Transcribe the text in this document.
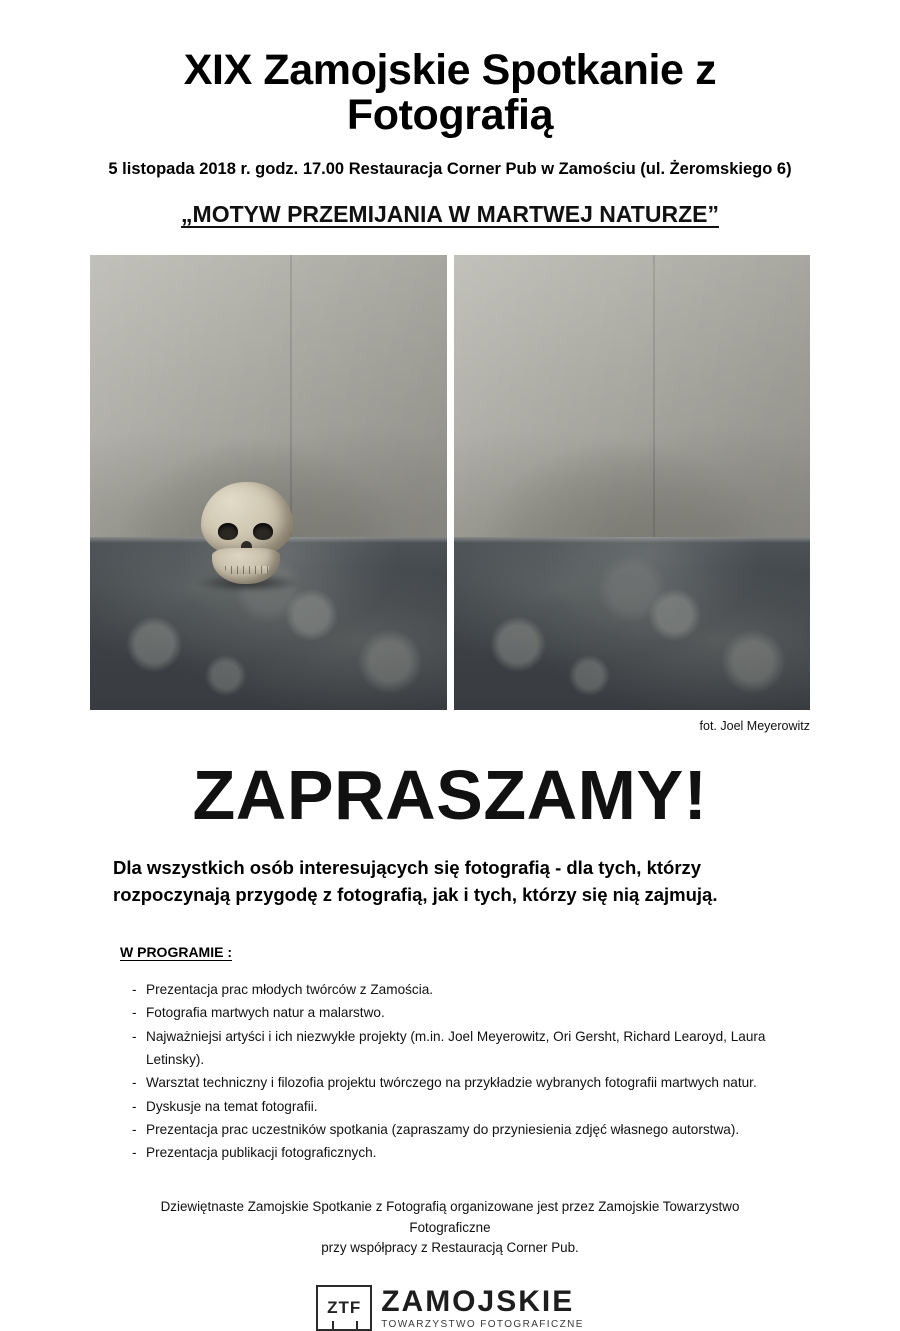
XIX Zamojskie Spotkanie z Fotografią

5 listopada 2018 r. godz. 17.00 Restauracja Corner Pub w Zamościu (ul. Żeromskiego 6)

„MOTYW PRZEMIJANIA W MARTWEJ NATURZE”

fot. Joel Meyerowitz

ZAPRASZAMY!

Dla wszystkich osób interesujących się fotografią - dla tych, którzy rozpoczynają przygodę z fotografią, jak i tych, którzy się nią zajmują.

W PROGRAMIE :

- Prezentacja prac młodych twórców z Zamościa.
- Fotografia martwych natur a malarstwo.
- Najważniejsi artyści i ich niezwykłe projekty (m.in. Joel Meyerowitz, Ori Gersht, Richard Learoyd, Laura Letinsky).
- Warsztat techniczny i filozofia projektu twórczego na przykładzie wybranych fotografii martwych natur.
- Dyskusje na temat fotografii.
- Prezentacja prac uczestników spotkania (zapraszamy do przyniesienia zdjęć własnego autorstwa).
- Prezentacja publikacji fotograficznych.

Dziewiętnaste Zamojskie Spotkanie z Fotografią organizowane jest przez Zamojskie Towarzystwo Fotograficzne
przy współpracy z Restauracją Corner Pub.

ZTF ZAMOJSKIE
TOWARZYSTWO FOTOGRAFICZNE
